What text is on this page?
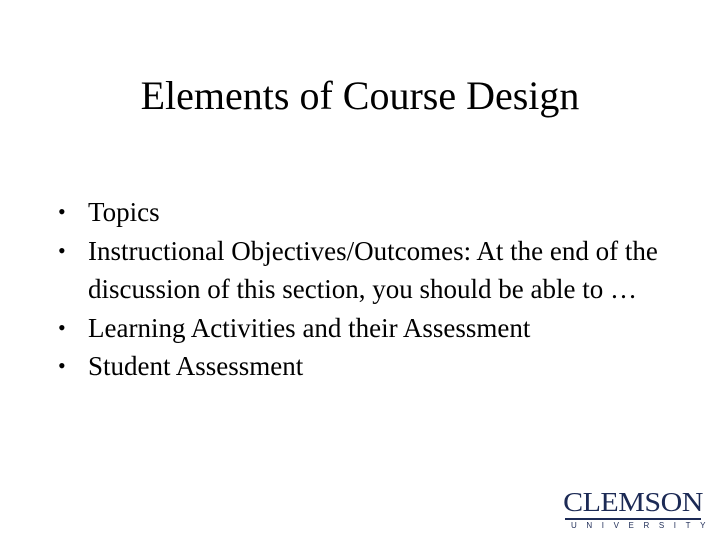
Elements of Course Design
• Topics
• Instructional Objectives/Outcomes: At the end of the discussion of this section, you should be able to …
• Learning Activities and their Assessment
• Student Assessment
CLEMSON
UNIVERSITY
